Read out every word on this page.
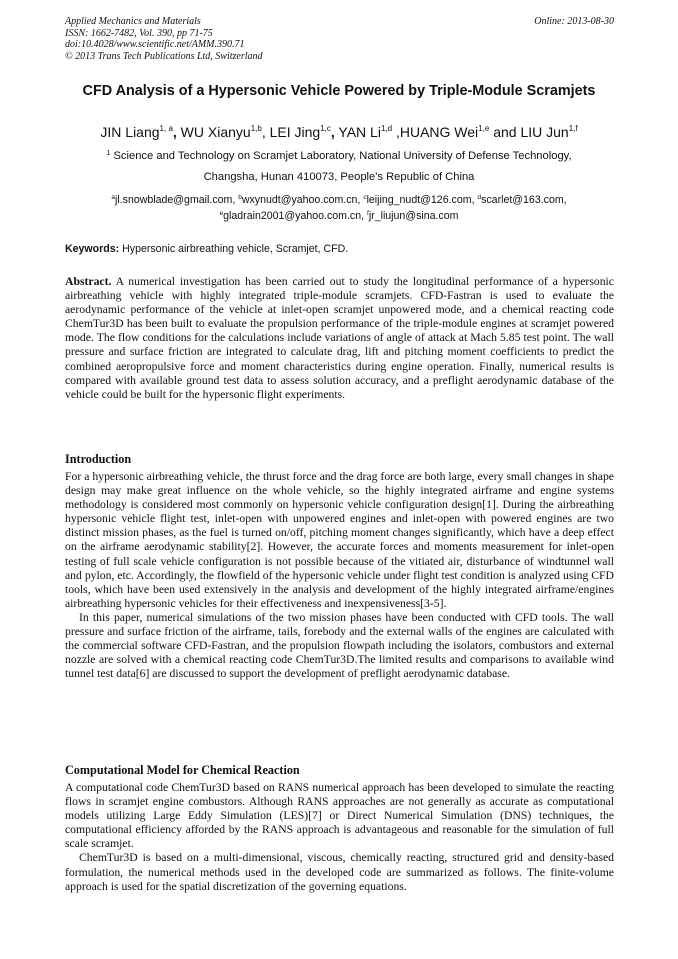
Applied Mechanics and Materials
ISSN: 1662-7482, Vol. 390, pp 71-75
doi:10.4028/www.scientific.net/AMM.390.71
© 2013 Trans Tech Publications Ltd, Switzerland
Online: 2013-08-30
CFD Analysis of a Hypersonic Vehicle Powered by Triple-Module Scramjets
JIN Liang$^{1, a}$, WU Xianyu$^{1,b}$, LEI Jing$^{1,c}$, YAN Li$^{1,d}$ ,HUANG Wei$^{1,e}$ and LIU Jun$^{1,f}$
$^1$ Science and Technology on Scramjet Laboratory, National University of Defense Technology,
Changsha, Hunan 410073, People's Republic of China
$^a$jl.snowblade@gmail.com, $^b$wxynudt@yahoo.com.cn, $^c$leijing_nudt@126.com, $^d$scarlet@163.com,
$^e$gladrain2001@yahoo.com.cn, $^f$jr_liujun@sina.com
Keywords: Hypersonic airbreathing vehicle, Scramjet, CFD.
Abstract. A numerical investigation has been carried out to study the longitudinal performance of a hypersonic airbreathing vehicle with highly integrated triple-module scramjets. CFD-Fastran is used to evaluate the aerodynamic performance of the vehicle at inlet-open scramjet unpowered mode, and a chemical reacting code ChemTur3D has been built to evaluate the propulsion performance of the triple-module engines at scramjet powered mode. The flow conditions for the calculations include variations of angle of attack at Mach 5.85 test point. The wall pressure and surface friction are integrated to calculate drag, lift and pitching moment coefficients to predict the combined aeropropulsive force and moment characteristics during engine operation. Finally, numerical results is compared with available ground test data to assess solution accuracy, and a preflight aerodynamic database of the vehicle could be built for the hypersonic flight experiments.
Introduction

For a hypersonic airbreathing vehicle, the thrust force and the drag force are both large, every small changes in shape design may make great influence on the whole vehicle, so the highly integrated airframe and engine systems methodology is considered most commonly on hypersonic vehicle configuration design[1]. During the airbreathing hypersonic vehicle flight test, inlet-open with unpowered engines and inlet-open with powered engines are two distinct mission phases, as the fuel is turned on/off, pitching moment changes significantly, which have a deep effect on the airframe aerodynamic stability[2]. However, the accurate forces and moments measurement for inlet-open testing of full scale vehicle configuration is not possible because of the vitiated air, disturbance of windtunnel wall and pylon, etc. Accordingly, the flowfield of the hypersonic vehicle under flight test condition is analyzed using CFD tools, which have been used extensively in the analysis and development of the highly integrated airframe/engines airbreathing hypersonic vehicles for their effectiveness and inexpensiveness[3-5].

In this paper, numerical simulations of the two mission phases have been conducted with CFD tools. The wall pressure and surface friction of the airframe, tails, forebody and the external walls of the engines are calculated with the commercial software CFD-Fastran, and the propulsion flowpath including the isolators, combustors and external nozzle are solved with a chemical reacting code ChemTur3D.The limited results and comparisons to available wind tunnel test data[6] are discussed to support the development of preflight aerodynamic database.

Computational Model for Chemical Reaction

A computational code ChemTur3D based on RANS numerical approach has been developed to simulate the reacting flows in scramjet engine combustors. Although RANS approaches are not generally as accurate as computational models utilizing Large Eddy Simulation (LES)[7] or Direct Numerical Simulation (DNS) techniques, the computational efficiency afforded by the RANS approach is advantageous and reasonable for the simulation of full scale scramjet.

ChemTur3D is based on a multi-dimensional, viscous, chemically reacting, structured grid and density-based formulation, the numerical methods used in the developed code are summarized as follows. The finite-volume approach is used for the spatial discretization of the governing equations.
